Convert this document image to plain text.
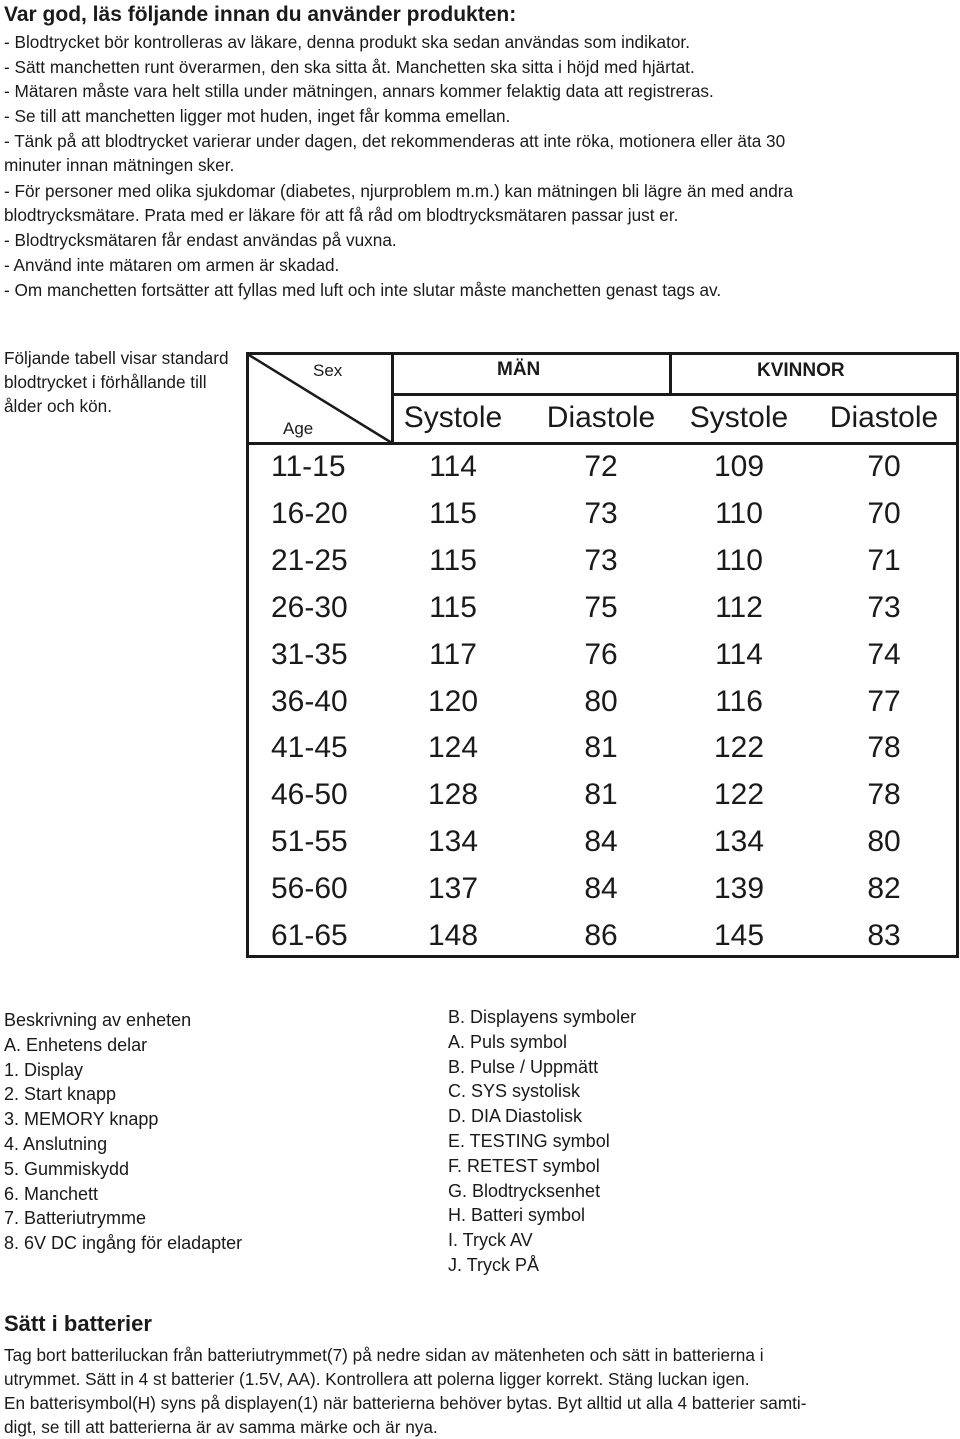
Var god, läs följande innan du använder produkten:
- Blodtrycket bör kontrolleras av läkare, denna produkt ska sedan användas som indikator.
- Sätt manchetten runt överarmen, den ska sitta åt. Manchetten ska sitta i höjd med hjärtat.
- Mätaren måste vara helt stilla under mätningen, annars kommer felaktig data att registreras.
- Se till att manchetten ligger mot huden, inget får komma emellan.
- Tänk på att blodtrycket varierar under dagen, det rekommenderas att inte röka, motionera eller äta 30
minuter innan mätningen sker.
- För personer med olika sjukdomar (diabetes, njurproblem m.m.) kan mätningen bli lägre än med andra
blodtrycksmätare. Prata med er läkare för att få råd om blodtrycksmätaren passar just er.
- Blodtrycksmätaren får endast användas på vuxna.
- Använd inte mätaren om armen är skadad.
- Om manchetten fortsätter att fyllas med luft och inte slutar måste manchetten genast tags av.
Följande tabell visar standard blodtrycket i förhållande till ålder och kön.
Sex
Age
MÄN	KVINNOR
Systole	Diastole	Systole	Diastole
11-15	114	72	109	70
16-20	115	73	110	70
21-25	115	73	110	71
26-30	115	75	112	73
31-35	117	76	114	74
36-40	120	80	116	77
41-45	124	81	122	78
46-50	128	81	122	78
51-55	134	84	134	80
56-60	137	84	139	82
61-65	148	86	145	83
Beskrivning av enheten
A. Enhetens delar
1. Display
2. Start knapp
3. MEMORY knapp
4. Anslutning
5. Gummiskydd
6. Manchett
7. Batteriutrymme
8. 6V DC ingång för eladapter
B. Displayens symboler
A. Puls symbol
B. Pulse / Uppmätt
C. SYS systolisk
D. DIA Diastolisk
E. TESTING symbol
F. RETEST symbol
G. Blodtrycksenhet
H. Batteri symbol
I. Tryck AV
J. Tryck PÅ
Sätt i batterier
Tag bort batteriluckan från batteriutrymmet(7) på nedre sidan av mätenheten och sätt in batterierna i
utrymmet. Sätt in 4 st batterier (1.5V, AA). Kontrollera att polerna ligger korrekt. Stäng luckan igen.
En batterisymbol(H) syns på displayen(1) när batterierna behöver bytas. Byt alltid ut alla 4 batterier samti-
digt, se till att batterierna är av samma märke och är nya.
